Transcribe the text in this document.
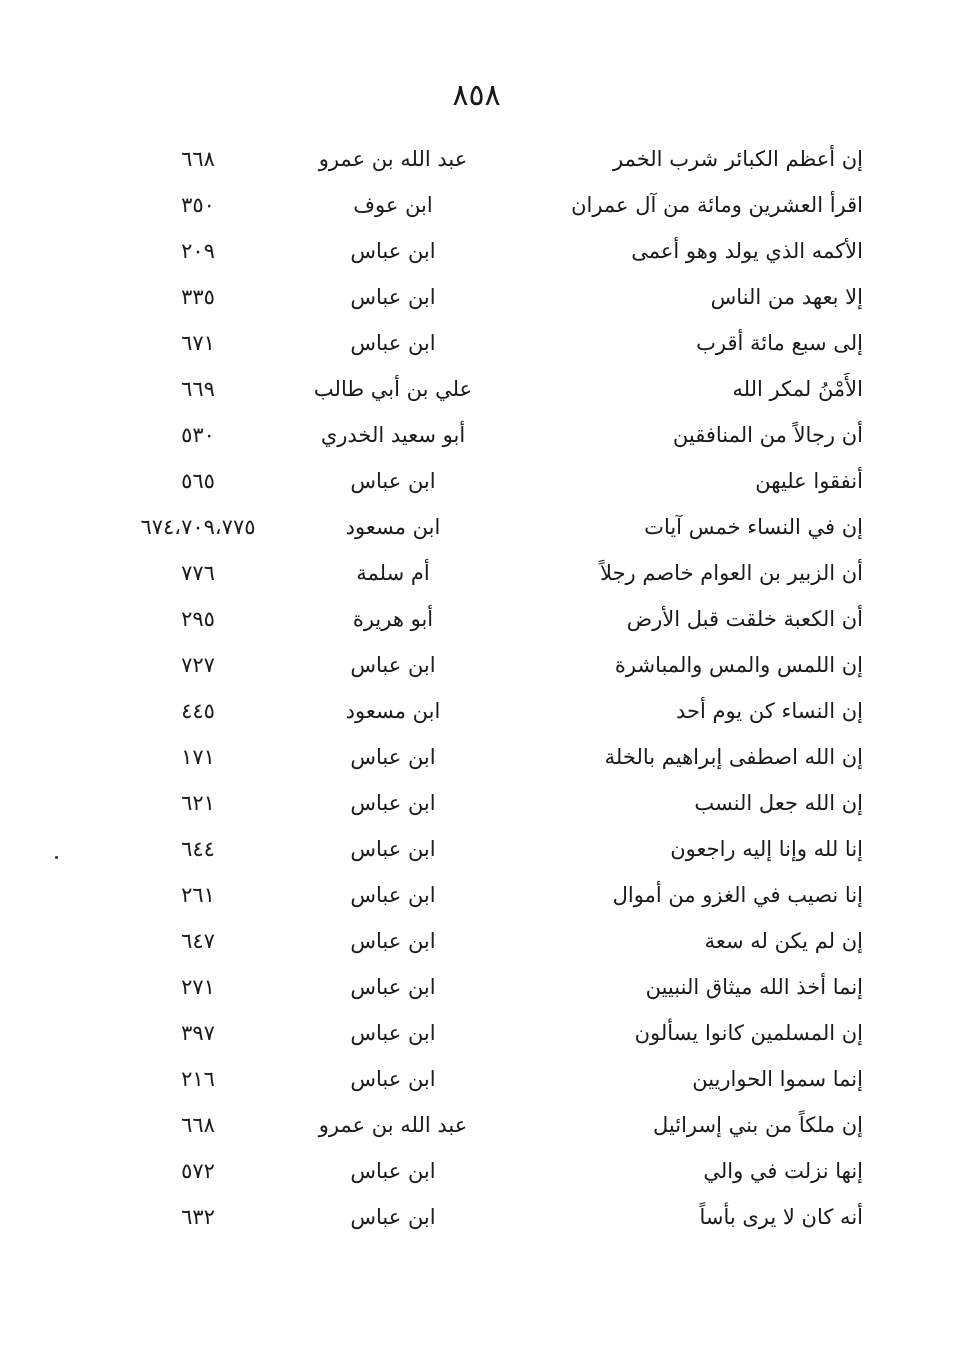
٨٥٨
إن أعظم الكبائر شرب الخمر
عبد الله بن عمرو
٦٦٨
اقرأ العشرين ومائة من آل عمران
ابن عوف
٣٥٠
الأكمه الذي يولد وهو أعمى
ابن عباس
٢٠٩
إلا بعهد من الناس
ابن عباس
٣٣٥
إلى سبع مائة أقرب
ابن عباس
٦٧١
الأَمْنُ لمكر الله
علي بن أبي طالب
٦٦٩
أن رجالاً من المنافقين
أبو سعيد الخدري
٥٣٠
أنفقوا عليهن
ابن عباس
٥٦٥
إن في النساء خمس آيات
ابن مسعود
٦٧٤،٧٠٩،٧٧٥
أن الزبير بن العوام خاصم رجلاً
أم سلمة
٧٧٦
أن الكعبة خلقت قبل الأرض
أبو هريرة
٢٩٥
إن اللمس والمس والمباشرة
ابن عباس
٧٢٧
إن النساء كن يوم أحد
ابن مسعود
٤٤٥
إن الله اصطفى إبراهيم بالخلة
ابن عباس
١٧١
إن الله جعل النسب
ابن عباس
٦٢١
إنا لله وإنا إليه راجعون
ابن عباس
٦٤٤
إنا نصيب في الغزو من أموال
ابن عباس
٢٦١
إن لم يكن له سعة
ابن عباس
٦٤٧
إنما أخذ الله ميثاق النبيين
ابن عباس
٢٧١
إن المسلمين كانوا يسألون
ابن عباس
٣٩٧
إنما سموا الحواريين
ابن عباس
٢١٦
إن ملكاً من بني إسرائيل
عبد الله بن عمرو
٦٦٨
إنها نزلت في والي
ابن عباس
٥٧٢
أنه كان لا يرى بأساً
ابن عباس
٦٣٢
